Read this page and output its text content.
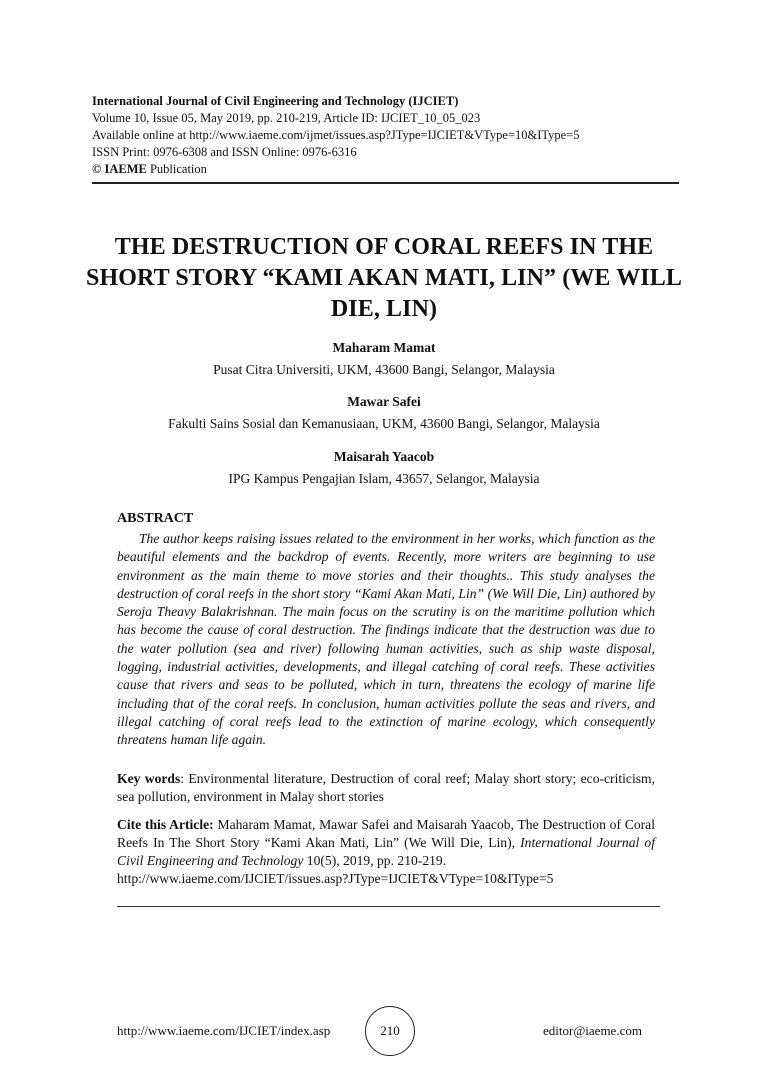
International Journal of Civil Engineering and Technology (IJCIET)
Volume 10, Issue 05, May 2019, pp. 210-219, Article ID: IJCIET_10_05_023
Available online at http://www.iaeme.com/ijmet/issues.asp?JType=IJCIET&VType=10&IType=5
ISSN Print: 0976-6308 and ISSN Online: 0976-6316
© IAEME Publication
THE DESTRUCTION OF CORAL REEFS IN THE SHORT STORY “KAMI AKAN MATI, LIN” (WE WILL DIE, LIN)
Maharam Mamat
Pusat Citra Universiti, UKM, 43600 Bangi, Selangor, Malaysia
Mawar Safei
Fakulti Sains Sosial dan Kemanusiaan, UKM, 43600 Bangi, Selangor, Malaysia
Maisarah Yaacob
IPG Kampus Pengajian Islam, 43657, Selangor, Malaysia
ABSTRACT
The author keeps raising issues related to the environment in her works, which function as the beautiful elements and the backdrop of events. Recently, more writers are beginning to use environment as the main theme to move stories and their thoughts.. This study analyses the destruction of coral reefs in the short story “Kami Akan Mati, Lin” (We Will Die, Lin) authored by Seroja Theavy Balakrishnan. The main focus on the scrutiny is on the maritime pollution which has become the cause of coral destruction. The findings indicate that the destruction was due to the water pollution (sea and river) following human activities, such as ship waste disposal, logging, industrial activities, developments, and illegal catching of coral reefs. These activities cause that rivers and seas to be polluted, which in turn, threatens the ecology of marine life including that of the coral reefs. In conclusion, human activities pollute the seas and rivers, and illegal catching of coral reefs lead to the extinction of marine ecology, which consequently threatens human life again.
Key words: Environmental literature, Destruction of coral reef; Malay short story; eco-criticism, sea pollution, environment in Malay short stories
Cite this Article: Maharam Mamat, Mawar Safei and Maisarah Yaacob, The Destruction of Coral Reefs In The Short Story “Kami Akan Mati, Lin” (We Will Die, Lin), International Journal of Civil Engineering and Technology 10(5), 2019, pp. 210-219.
http://www.iaeme.com/IJCIET/issues.asp?JType=IJCIET&VType=10&IType=5
http://www.iaeme.com/IJCIET/index.asp	210	editor@iaeme.com
